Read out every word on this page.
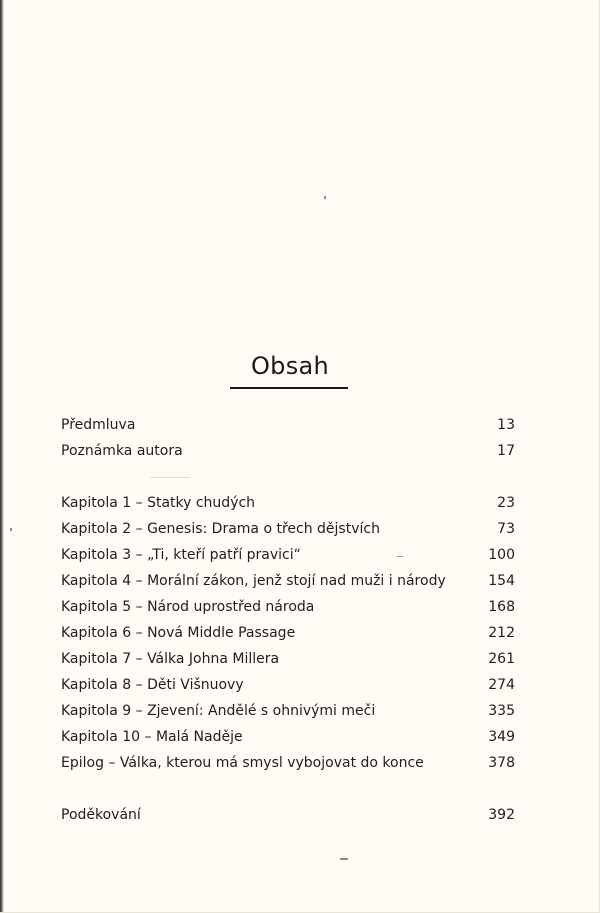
Obsah
Předmluva	13
Poznámka autora	17
Kapitola 1 – Statky chudých	23
Kapitola 2 – Genesis: Drama o třech dějstvích	73
Kapitola 3 – „Ti, kteří patří pravici“	100
Kapitola 4 – Morální zákon, jenž stojí nad muži i národy	154
Kapitola 5 – Národ uprostřed národa	168
Kapitola 6 – Nová Middle Passage	212
Kapitola 7 – Válka Johna Millera	261
Kapitola 8 – Děti Višnuovy	274
Kapitola 9 – Zjevení: Andělé s ohnivými meči	335
Kapitola 10 – Malá Naděje	349
Epilog – Válka, kterou má smysl vybojovat do konce	378
Poděkování	392
